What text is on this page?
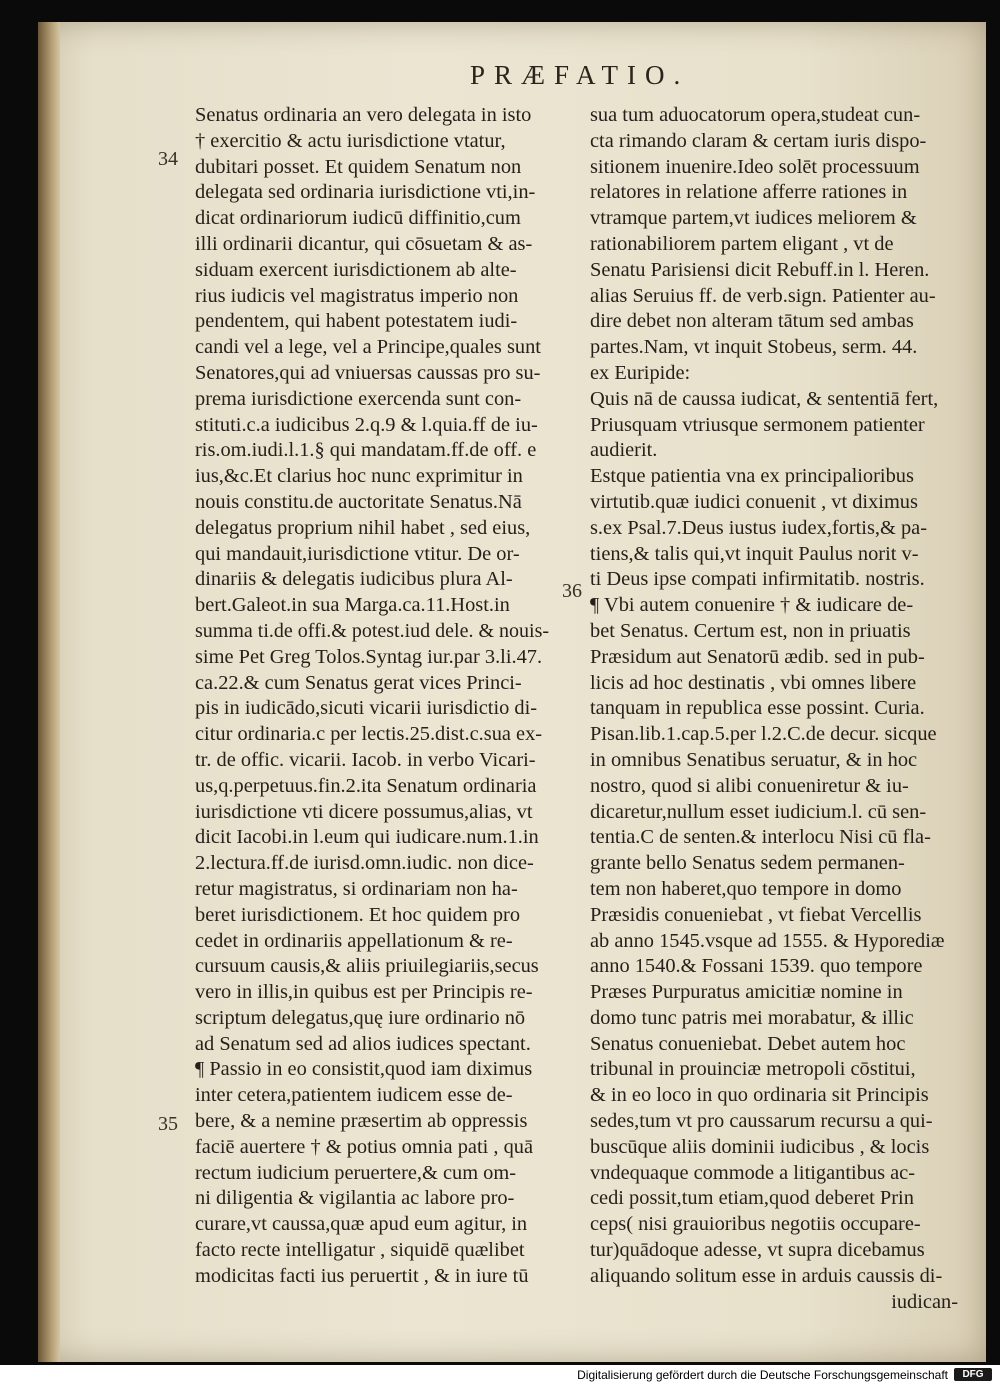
PRÆFATIO.
34
35
36
Senatus ordinaria an vero delegata in isto
† exercitio & actu iurisdictione vtatur,
dubitari posset. Et quidem Senatum non
delegata sed ordinaria iurisdictione vti,in-
dicat ordinariorum iudicū diffinitio,cum
illi ordinarii dicantur, qui cōsuetam & as-
siduam exercent iurisdictionem ab alte-
rius iudicis vel magistratus imperio non
pendentem, qui habent potestatem iudi-
candi vel a lege, vel a Principe,quales sunt
Senatores,qui ad vniuersas caussas pro su-
prema iurisdictione exercenda sunt con-
stituti.c.a iudicibus 2.q.9 & l.quia.ff de iu-
ris.om.iudi.l.1.§ qui mandatam.ff.de off. e
ius,&c.Et clarius hoc nunc exprimitur in
nouis constitu.de auctoritate Senatus.Nā
delegatus proprium nihil habet , sed eius,
qui mandauit,iurisdictione vtitur. De or-
dinariis & delegatis iudicibus plura Al-
bert.Galeot.in sua Marga.ca.11.Host.in
summa ti.de offi.& potest.iud dele. & nouis-
sime Pet Greg Tolos.Syntag iur.par 3.li.47.
ca.22.& cum Senatus gerat vices Princi-
pis in iudicādo,sicuti vicarii iurisdictio di-
citur ordinaria.c per lectis.25.dist.c.sua ex-
tr. de offic. vicarii. Iacob. in verbo Vicari-
us,q.perpetuus.fin.2.ita Senatum ordinaria
iurisdictione vti dicere possumus,alias, vt
dicit Iacobi.in l.eum qui iudicare.num.1.in
2.lectura.ff.de iurisd.omn.iudic. non dice-
retur magistratus, si ordinariam non ha-
beret iurisdictionem. Et hoc quidem pro
cedet in ordinariis appellationum & re-
cursuum causis,& aliis priuilegiariis,secus
vero in illis,in quibus est per Principis re-
scriptum delegatus,quę iure ordinario nō
ad Senatum sed ad alios iudices spectant.
¶ Passio in eo consistit,quod iam diximus
inter cetera,patientem iudicem esse de-
bere, & a nemine præsertim ab oppressis
faciē auertere † & potius omnia pati , quā
rectum iudicium peruertere,& cum om-
ni diligentia & vigilantia ac labore pro-
curare,vt caussa,quæ apud eum agitur, in
facto recte intelligatur , siquidē quælibet
modicitas facti ius peruertit , & in iure tū
sua tum aduocatorum opera,studeat cun-
cta rimando claram & certam iuris dispo-
sitionem inuenire.Ideo solēt processuum
relatores in relatione afferre rationes in
vtramque partem,vt iudices meliorem &
rationabiliorem partem eligant , vt de
Senatu Parisiensi dicit Rebuff.in l. Heren.
alias Seruius ff. de verb.sign. Patienter au-
dire debet non alteram tātum sed ambas
partes.Nam, vt inquit Stobeus, serm. 44.
ex Euripide:
Quis nā de caussa iudicat, & sententiā fert,
Priusquam vtriusque sermonem patienter
audierit.
Estque patientia vna ex principalioribus
virtutib.quæ iudici conuenit , vt diximus
s.ex Psal.7.Deus iustus iudex,fortis,& pa-
tiens,& talis qui,vt inquit Paulus norit v-
ti Deus ipse compati infirmitatib. nostris.
¶ Vbi autem conuenire † & iudicare de-
bet Senatus. Certum est, non in priuatis
Præsidum aut Senatorū ædib. sed in pub-
licis ad hoc destinatis , vbi omnes libere
tanquam in republica esse possint. Curia.
Pisan.lib.1.cap.5.per l.2.C.de decur. sicque
in omnibus Senatibus seruatur, & in hoc
nostro, quod si alibi conueniretur & iu-
dicaretur,nullum esset iudicium.l. cū sen-
tentia.C de senten.& interlocu Nisi cū fla-
grante bello Senatus sedem permanen-
tem non haberet,quo tempore in domo
Præsidis conueniebat , vt fiebat Vercellis
ab anno 1545.vsque ad 1555. & Hyporediæ
anno 1540.& Fossani 1539. quo tempore
Præses Purpuratus amicitiæ nomine in
domo tunc patris mei morabatur, & illic
Senatus conueniebat. Debet autem hoc
tribunal in prouinciæ metropoli cōstitui,
& in eo loco in quo ordinaria sit Principis
sedes,tum vt pro caussarum recursu a qui-
buscūque aliis dominii iudicibus , & locis
vndequaque commode a litigantibus ac-
cedi possit,tum etiam,quod deberet Prin
ceps( nisi grauioribus negotiis occupare-
tur)quādoque adesse, vt supra dicebamus
aliquando solitum esse in arduis caussis di-
iudican-
Digitalisierung gefördert durch die Deutsche Forschungsgemeinschaft	DFG
